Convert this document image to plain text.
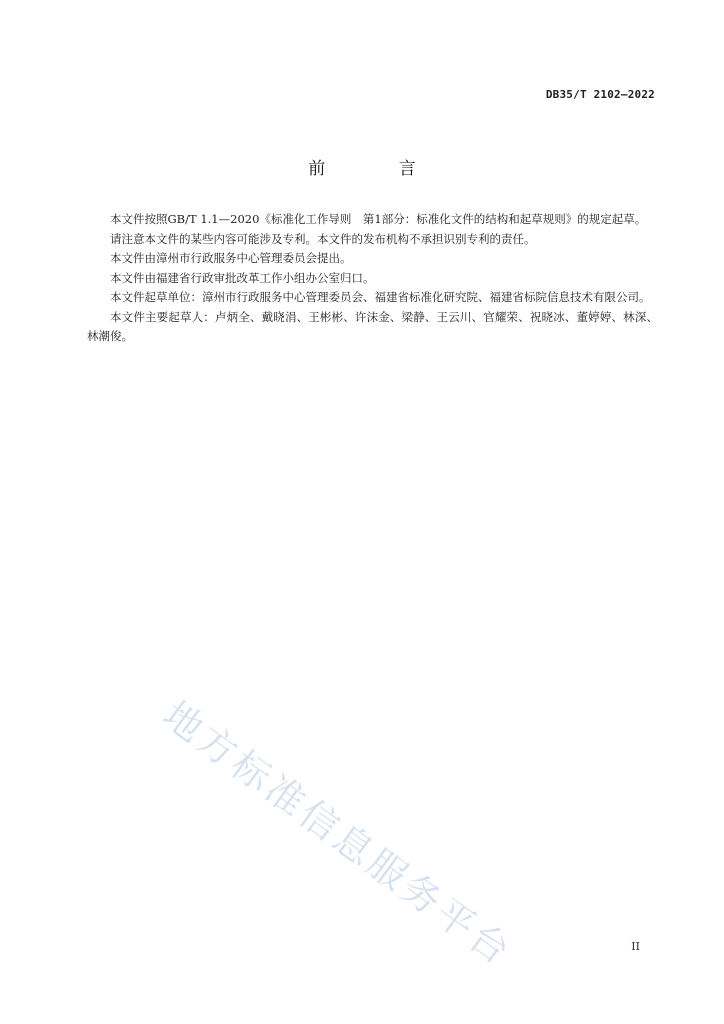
DB35/T 2102—2022
前 言

本文件按照GB/T 1.1—2020《标准化工作导则　第1部分：标准化文件的结构和起草规则》的规定起草。

请注意本文件的某些内容可能涉及专利。本文件的发布机构不承担识别专利的责任。

本文件由漳州市行政服务中心管理委员会提出。

本文件由福建省行政审批改革工作小组办公室归口。

本文件起草单位：漳州市行政服务中心管理委员会、福建省标准化研究院、福建省标院信息技术有限公司。

本文件主要起草人：卢炳全、戴晓涓、王彬彬、许沫金、梁静、王云川、官耀荣、祝晓冰、董婷婷、林深、林潮俊。

地方标准信息服务平台	II
